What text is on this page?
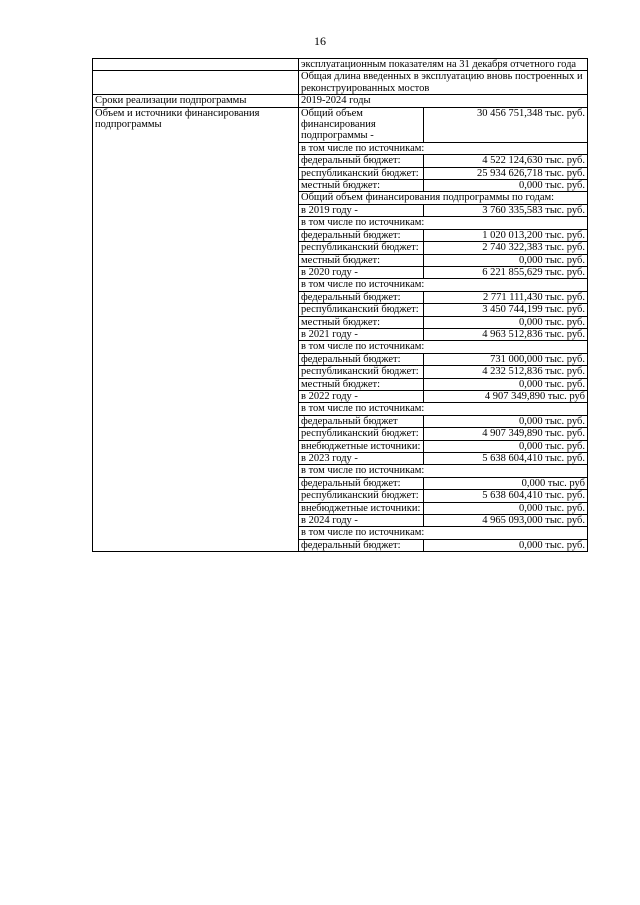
16
	эксплуатационным показателям на 31 декабря отчетного года	
	Общая длина введенных в эксплуатацию вновь построенных и реконструированных мостов	
Сроки реализации подпрограммы	2019-2024 годы	
Объем и источники финансирования подпрограммы	Общий объем финансирования подпрограммы -	30 456 751,348 тыс. руб.
	в том числе по источникам:	
	федеральный бюджет:	4 522 124,630 тыс. руб.
	республиканский бюджет:	25 934 626,718 тыс. руб.
	местный бюджет:	0,000 тыс. руб.
	Общий объем финансирования подпрограммы по годам:	
	в 2019 году -	3 760 335,583 тыс. руб.
	в том числе по источникам:	
	федеральный бюджет:	1 020 013,200 тыс. руб.
	республиканский бюджет:	2 740 322,383 тыс. руб.
	местный бюджет:	0,000 тыс. руб.
	в 2020 году -	6 221 855,629 тыс. руб.
	в том числе по источникам:	
	федеральный бюджет:	2 771 111,430 тыс. руб.
	республиканский бюджет:	3 450 744,199 тыс. руб.
	местный бюджет:	0,000 тыс. руб.
	в 2021 году -	4 963 512,836 тыс. руб.
	в том числе по источникам:	
	федеральный бюджет:	731 000,000 тыс. руб.
	республиканский бюджет:	4 232 512,836 тыс. руб.
	местный бюджет:	0,000 тыс. руб.
	в 2022 году -	4 907 349,890 тыс. руб
	в том числе по источникам:	
	федеральный бюджет	0,000 тыс. руб.
	республиканский бюджет:	4 907 349,890 тыс. руб.
	внебюджетные источники:	0,000 тыс. руб.
	в 2023 году -	5 638 604,410 тыс. руб.
	в том числе по источникам:	
	федеральный бюджет:	0,000 тыс. руб
	республиканский бюджет:	5 638 604,410 тыс. руб.
	внебюджетные источники:	0,000 тыс. руб.
	в 2024 году -	4 965 093,000 тыс. руб.
	в том числе по источникам:	
	федеральный бюджет:	0,000 тыс. руб.
